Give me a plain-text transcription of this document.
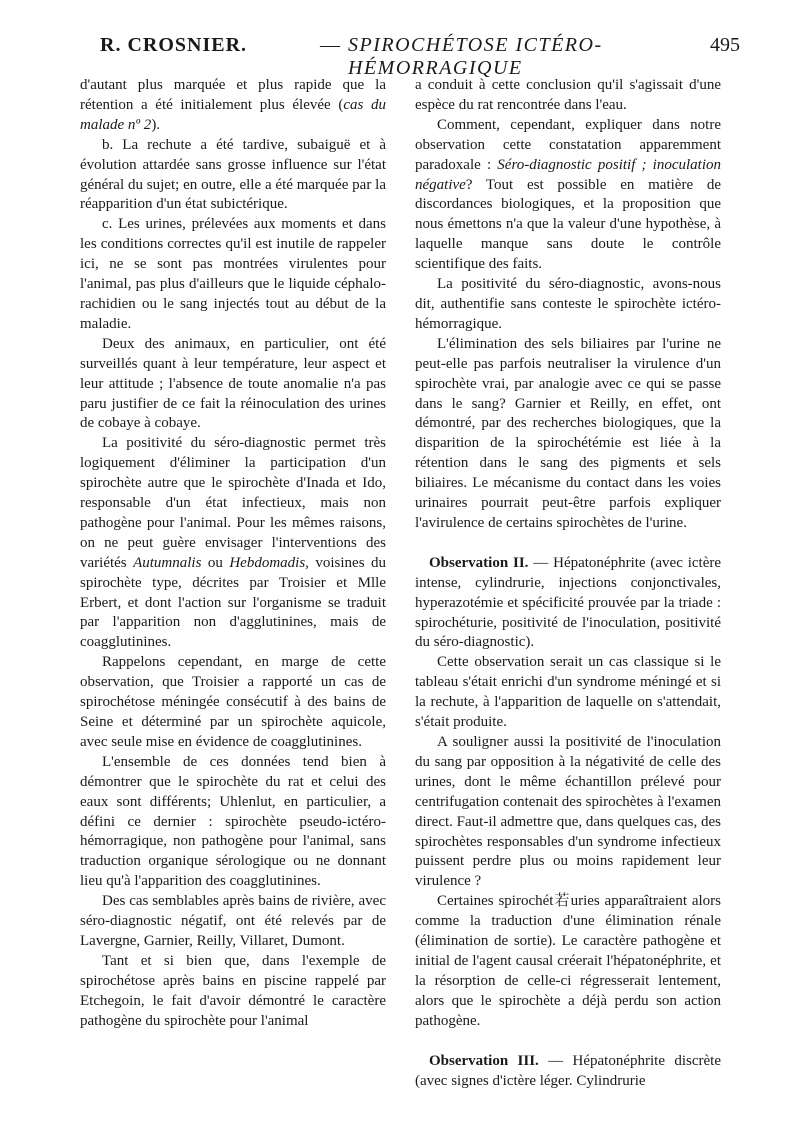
R. CROSNIER.	— SPIROCHÉTOSE ICTÉRO-HÉMORRAGIQUE
495

d'autant plus marquée et plus rapide que la rétention a été initialement plus élevée (cas du malade nº 2).

b. La rechute a été tardive, subaiguë et à évolution attardée sans grosse influence sur l'état général du sujet; en outre, elle a été marquée par la réapparition d'un état subictérique.

c. Les urines, prélevées aux moments et dans les conditions correctes qu'il est inutile de rappeler ici, ne se sont pas montrées virulentes pour l'animal, pas plus d'ailleurs que le liquide céphalo-rachidien ou le sang injectés tout au début de la maladie.

Deux des animaux, en particulier, ont été surveillés quant à leur température, leur aspect et leur attitude ; l'absence de toute anomalie n'a pas paru justifier de ce fait la réinoculation des urines de cobaye à cobaye.

La positivité du séro-diagnostic permet très logiquement d'éliminer la participation d'un spirochète autre que le spirochète d'Inada et Ido, responsable d'un état infectieux, mais non pathogène pour l'animal. Pour les mêmes raisons, on ne peut guère envisager l'interventions des variétés Autumnalis ou Hebdomadis, voisines du spirochète type, décrites par Troisier et Mlle Erbert, et dont l'action sur l'organisme se traduit par l'apparition non d'agglutinines, mais de coagglutinines.

Rappelons cependant, en marge de cette observation, que Troisier a rapporté un cas de spirochétose méningée consécutif à des bains de Seine et déterminé par un spirochète aquicole, avec seule mise en évidence de coagglutinines.

L'ensemble de ces données tend bien à démontrer que le spirochète du rat et celui des eaux sont différents; Uhlenlut, en particulier, a défini ce dernier : spirochète pseudo-ictéro-hémorragique, non pathogène pour l'animal, sans traduction organique sérologique ou ne donnant lieu qu'à l'apparition des coagglutinines.

Des cas semblables après bains de rivière, avec séro-diagnostic négatif, ont été relevés par de Lavergne, Garnier, Reilly, Villaret, Dumont.

Tant et si bien que, dans l'exemple de spirochétose après bains en piscine rappelé par Etchegoin, le fait d'avoir démontré le caractère pathogène du spirochète pour l'animal

a conduit à cette conclusion qu'il s'agissait d'une espèce du rat rencontrée dans l'eau.

Comment, cependant, expliquer dans notre observation cette constatation apparemment paradoxale : Séro-diagnostic positif ; inoculation négative? Tout est possible en matière de discordances biologiques, et la proposition que nous émettons n'a que la valeur d'une hypothèse, à laquelle manque sans doute le contrôle scientifique des faits.

La positivité du séro-diagnostic, avons-nous dit, authentifie sans conteste le spirochète ictéro-hémorragique.

L'élimination des sels biliaires par l'urine ne peut-elle pas parfois neutraliser la virulence d'un spirochète vrai, par analogie avec ce qui se passe dans le sang? Garnier et Reilly, en effet, ont démontré, par des recherches biologiques, que la disparition de la spirochétémie est liée à la rétention dans le sang des pigments et sels biliaires. Le mécanisme du contact dans les voies urinaires pourrait peut-être parfois expliquer l'avirulence de certains spirochètes de l'urine.

Observation II. — Hépatonéphrite (avec ictère intense, cylindrurie, injections conjonctivales, hyperazotémie et spécificité prouvée par la triade : spirochéturie, positivité de l'inoculation, positivité du séro-diagnostic).

Cette observation serait un cas classique si le tableau s'était enrichi d'un syndrome méningé et si la rechute, à l'apparition de laquelle on s'attendait, s'était produite.

A souligner aussi la positivité de l'inoculation du sang par opposition à la négativité de celle des urines, dont le même échantillon prélevé pour centrifugation contenait des spirochètes à l'examen direct. Faut-il admettre que, dans quelques cas, des spirochètes responsables d'un syndrome infectieux puissent perdre plus ou moins rapidement leur virulence ?

Certaines spirochét若uries apparaîtraient alors comme la traduction d'une élimination rénale (élimination de sortie). Le caractère pathogène et initial de l'agent causal créerait l'hépatonéphrite, et la résorption de celle-ci régresserait lentement, alors que le spirochète a déjà perdu son action pathogène.

Observation III. — Hépatonéphrite discrète (avec signes d'ictère léger. Cylindrurie
